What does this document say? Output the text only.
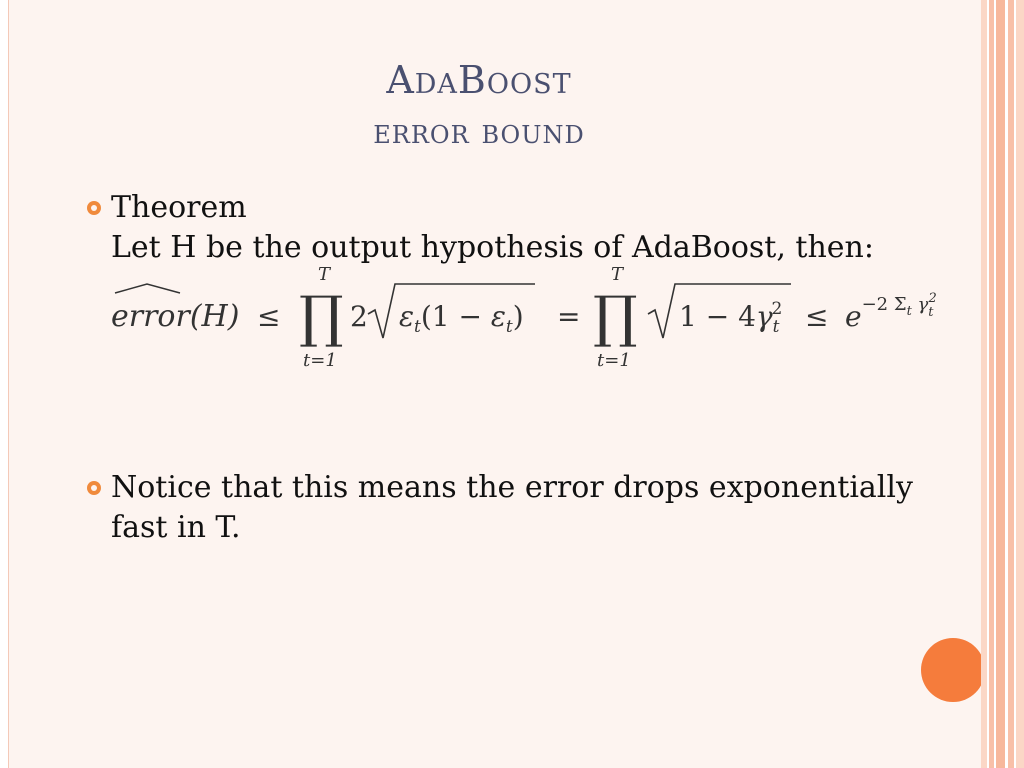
AdaBoost
error bound
Theorem
Let H be the output hypothesis of AdaBoost, then:
error(H) ≤
T
∏
t=1
2 $\varepsilon_t(1 - \varepsilon_t)$ =
T
∏
t=1
$1 - 4\gamma_t2 \le e^{-2 \Sigma}t$ $\gamma_t2$
Notice that this means the error drops exponentially fast in T.
